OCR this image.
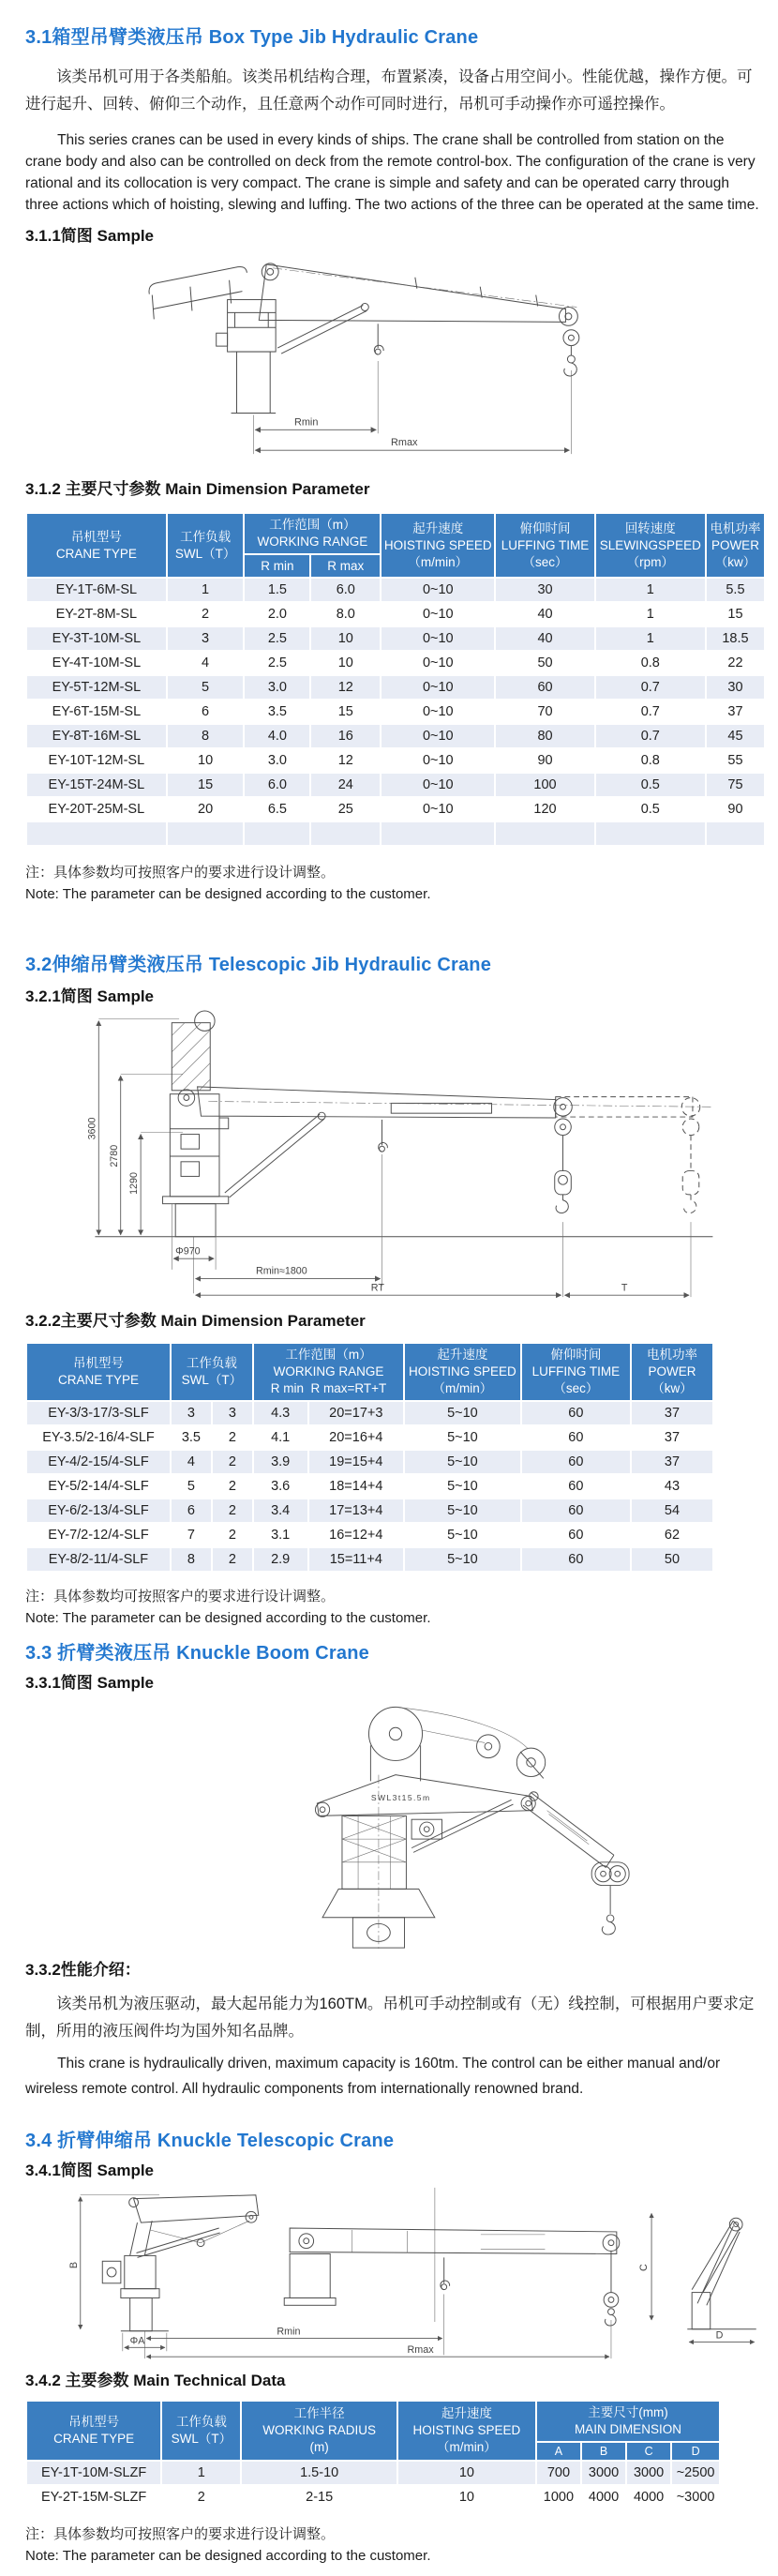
3.1箱型吊臂类液压吊 Box Type Jib Hydraulic Crane

该类吊机可用于各类船舶。该类吊机结构合理，布置紧凑，设备占用空间小。性能优越，操作方便。可进行起升、回转、俯仰三个动作，且任意两个动作可同时进行，吊机可手动操作亦可遥控操作。

This series cranes can be used in every kinds of ships. The crane shall be controlled from station on the crane body and also can be controlled on deck from the remote control-box. The configuration of the crane is very rational and its collocation is very compact. The crane is simple and safety and can be operated carry through three actions which of hoisting, slewing and luffing. The two actions of the three can be operated at the same time.

3.1.1简图 Sample
Rmin
Rmax
3.1.2 主要尺寸参数 Main Dimension Parameter
吊机型号
CRANE TYPE

工作负载
SWL（T）

工作范围（m）
WORKING RANGE

起升速度
HOISTING SPEED
（m/min）

俯仰时间
LUFFING TIME
（sec）

回转速度
SLEWINGSPEED
（rpm）

电机功率
POWER
（kw）

		R min	R max				
EY-1T-6M-SL	1	1.5	6.0	0~10	30	1	5.5
EY-2T-8M-SL	2	2.0	8.0	0~10	40	1	15
EY-3T-10M-SL	3	2.5	10	0~10	40	1	18.5
EY-4T-10M-SL	4	2.5	10	0~10	50	0.8	22
EY-5T-12M-SL	5	3.0	12	0~10	60	0.7	30
EY-6T-15M-SL	6	3.5	15	0~10	70	0.7	37
EY-8T-16M-SL	8	4.0	16	0~10	80	0.7	45
EY-10T-12M-SL	10	3.0	12	0~10	90	0.8	55
EY-15T-24M-SL	15	6.0	24	0~10	100	0.5	75
EY-20T-25M-SL	20	6.5	25	0~10	120	0.5	90

注：具体参数均可按照客户的要求进行设计调整。
Note: The parameter can be designed according to the customer.
3.2伸缩吊臂类液压吊 Telescopic Jib Hydraulic Crane
3.2.1简图 Sample
3600
2780
1290
Φ970
Rmin≈1800
RT	T
3.2.2主要尺寸参数 Main Dimension Parameter
吊机型号
CRANE TYPE

工作负载
SWL（T）

工作范围（m）
WORKING RANGE
R min  R max=RT+T

起升速度
HOISTING SPEED
（m/min）

俯仰时间
LUFFING TIME
（sec）

电机功率
POWER
（kw）

EY-3/3-17/3-SLF	3	3	4.3	20=17+3	5~10	60	37
EY-3.5/2-16/4-SLF	3.5	2	4.1	20=16+4	5~10	60	37
EY-4/2-15/4-SLF	4	2	3.9	19=15+4	5~10	60	37
EY-5/2-14/4-SLF	5	2	3.6	18=14+4	5~10	60	43
EY-6/2-13/4-SLF	6	2	3.4	17=13+4	5~10	60	54
EY-7/2-12/4-SLF	7	2	3.1	16=12+4	5~10	60	62
EY-8/2-11/4-SLF	8	2	2.9	15=11+4	5~10	60	50
注：具体参数均可按照客户的要求进行设计调整。
Note: The parameter can be designed according to the customer.
3.3 折臂类液压吊 Knuckle Boom Crane
3.3.1简图 Sample
SWL3t15.5m
3.3.2性能介绍：

该类吊机为液压驱动，最大起吊能力为160TM。吊机可手动控制或有（无）线控制，可根据用户要求定制，所用的液压阀件均为国外知名品牌。

This crane is hydraulically driven, maximum capacity is 160tm. The control can be either manual and/or wireless remote control. All hydraulic components from internationally renowned brand.

3.4 折臂伸缩吊 Knuckle Telescopic Crane
3.4.1简图 Sample
B	C
D
ΦA
Rmin
Rmax
3.4.2 主要参数 Main Technical Data
吊机型号
CRANE TYPE

工作负载
SWL（T）

工作半径
WORKING RADIUS
(m)

起升速度
HOISTING SPEED
（m/min）

主要尺寸(mm)
MAIN DIMENSION

				A	B	C	D
EY-1T-10M-SLZF	1	1.5-10	10	700	3000	3000	~2500
EY-2T-15M-SLZF	2	2-15	10	1000	4000	4000	~3000
注：具体参数均可按照客户的要求进行设计调整。
Note: The parameter can be designed according to the customer.
